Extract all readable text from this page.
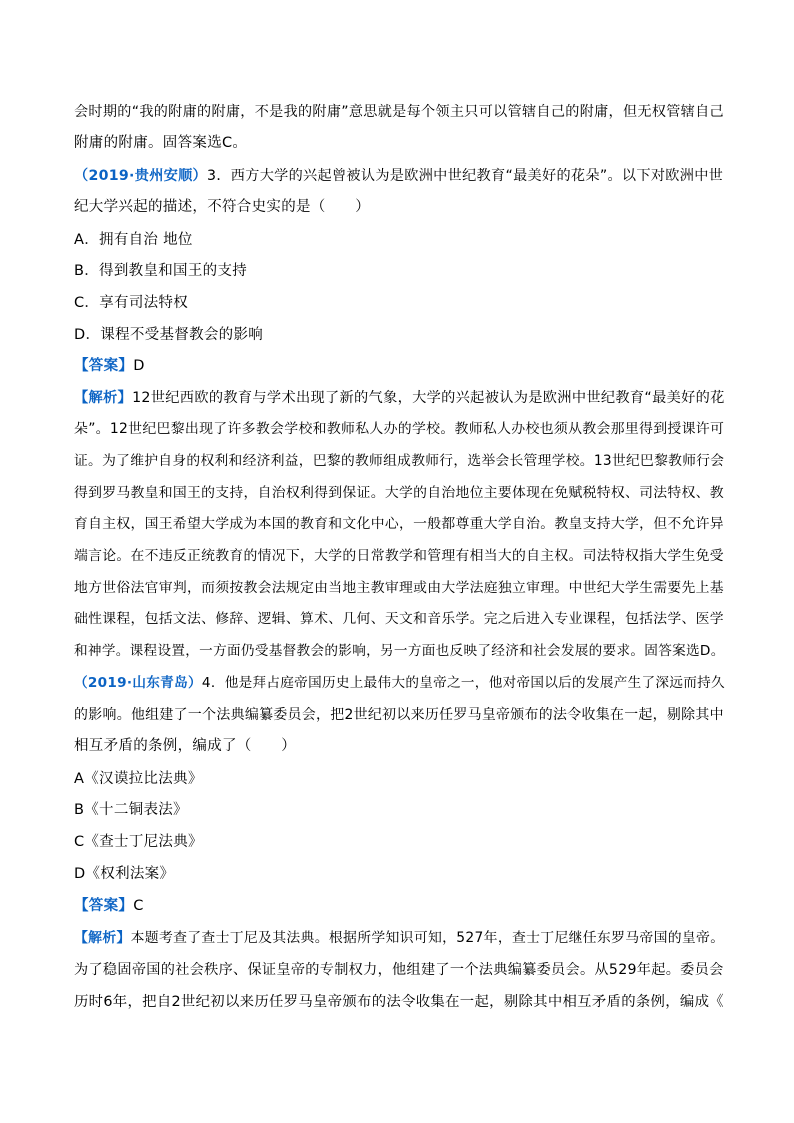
会时期的“我的附庸的附庸，不是我的附庸”意思就是每个领主只可以管辖自己的附庸，但无权管辖自己
附庸的附庸。固答案选C。
（2019·贵州安顺）3．西方大学的兴起曾被认为是欧洲中世纪教育“最美好的花朵”。以下对欧洲中世
纪大学兴起的描述，不符合史实的是（　　）
A．拥有自治 地位
B．得到教皇和国王的支持
C．享有司法特权
D．课程不受基督教会的影响
【答案】D
【解析】12世纪西欧的教育与学术出现了新的气象，大学的兴起被认为是欧洲中世纪教育“最美好的花
朵”。12世纪巴黎出现了许多教会学校和教师私人办的学校。教师私人办校也须从教会那里得到授课许可
证。为了维护自身的权利和经济利益，巴黎的教师组成教师行，选举会长管理学校。13世纪巴黎教师行会
得到罗马教皇和国王的支持，自治权利得到保证。大学的自治地位主要体现在免赋税特权、司法特权、教
育自主权，国王希望大学成为本国的教育和文化中心，一般都尊重大学自治。教皇支持大学，但不允许异
端言论。在不违反正统教育的情况下，大学的日常教学和管理有相当大的自主权。司法特权指大学生免受
地方世俗法官审判，而须按教会法规定由当地主教审理或由大学法庭独立审理。中世纪大学生需要先上基
础性课程，包括文法、修辞、逻辑、算术、几何、天文和音乐学。完之后进入专业课程，包括法学、医学
和神学。课程设置，一方面仍受基督教会的影响，另一方面也反映了经济和社会发展的要求。固答案选D。
（2019·山东青岛）4．他是拜占庭帝国历史上最伟大的皇帝之一，他对帝国以后的发展产生了深远而持久
的影响。他组建了一个法典编纂委员会，把2世纪初以来历任罗马皇帝颁布的法令收集在一起，剔除其中
相互矛盾的条例，编成了（　　）
A《汉谟拉比法典》
B《十二铜表法》
C《查士丁尼法典》
D《权利法案》
【答案】C
【解析】本题考查了查士丁尼及其法典。根据所学知识可知，527年，查士丁尼继任东罗马帝国的皇帝。
为了稳固帝国的社会秩序、保证皇帝的专制权力，他组建了一个法典编纂委员会。从529年起。委员会
历时6年，把自2世纪初以来历任罗马皇帝颁布的法令收集在一起，剔除其中相互矛盾的条例，编成《
